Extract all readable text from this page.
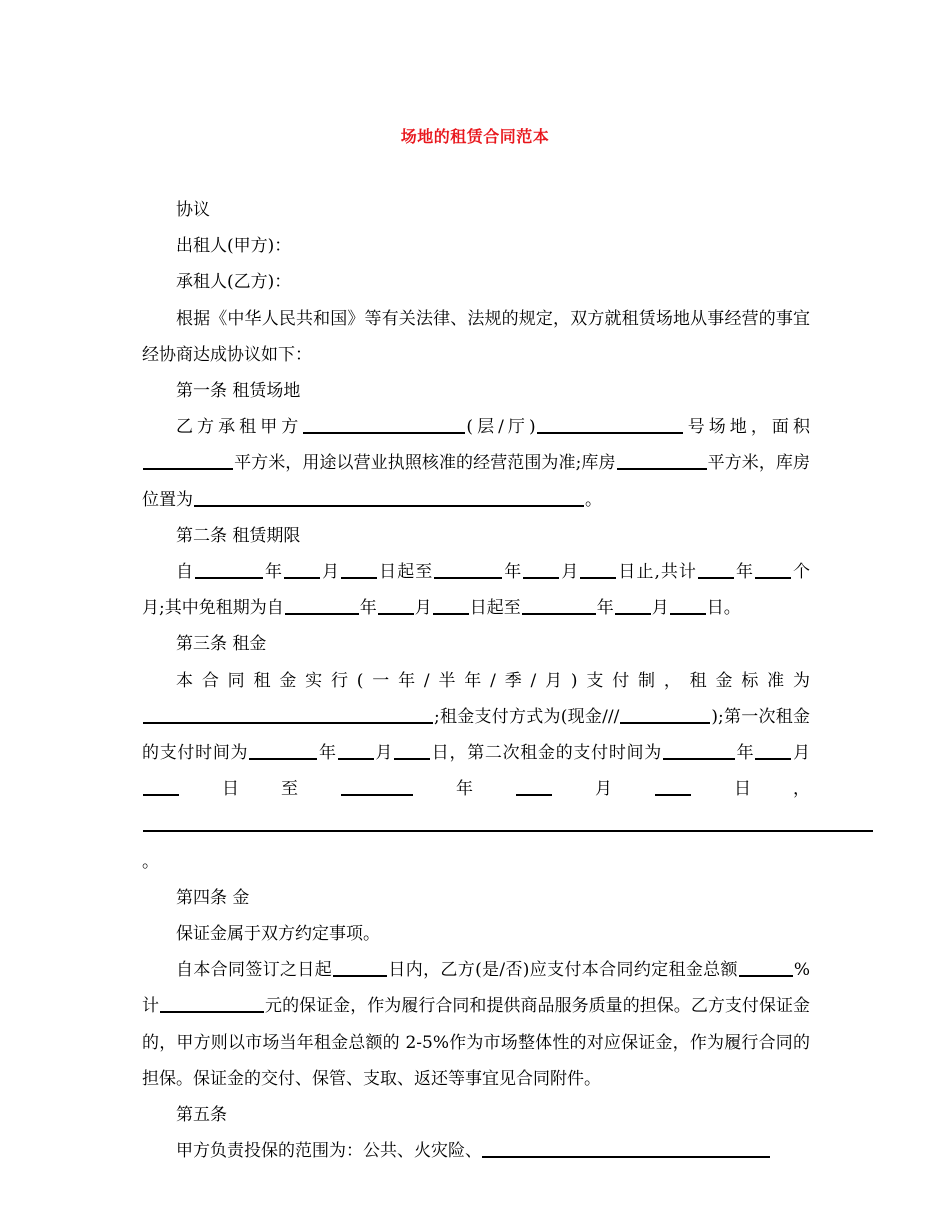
场地的租赁合同范本

协议

出租人(甲方)：

承租人(乙方)：

根据《中华人民共和国》等有关法律、法规的规定，双方就租赁场地从事经营的事宜经协商达成协议如下：

第一条 租赁场地

乙方承租甲方	(层/厅)	号场地，面积平方米，用途以营业执照核准的经营范围为准;库房	平方米，库房位置为	。

第二条 租赁期限

自	年 月 日起至	年 月 日止,共计 年 个月;其中免租期为自	年 月 日起至	年 月 日。

第三条 租金

本合同租金实行(一年/半年/季/月)支付制，租金标准为;租金支付方式为(现金///	);第一次租金的支付时间为	年 月 日，第二次租金的支付时间为	年 月日至	年 月 日，。

第四条 金

保证金属于双方约定事项。

自本合同签订之日起	日内，乙方(是/否)应支付本合同约定租金总额	%计	元的保证金，作为履行合同和提供商品服务质量的担保。乙方支付保证金的，甲方则以市场当年租金总额的 2-5%作为市场整体性的对应保证金，作为履行合同的担保。保证金的交付、保管、支取、返还等事宜见合同附件。

第五条

甲方负责投保的范围为：公共、火灾险、
